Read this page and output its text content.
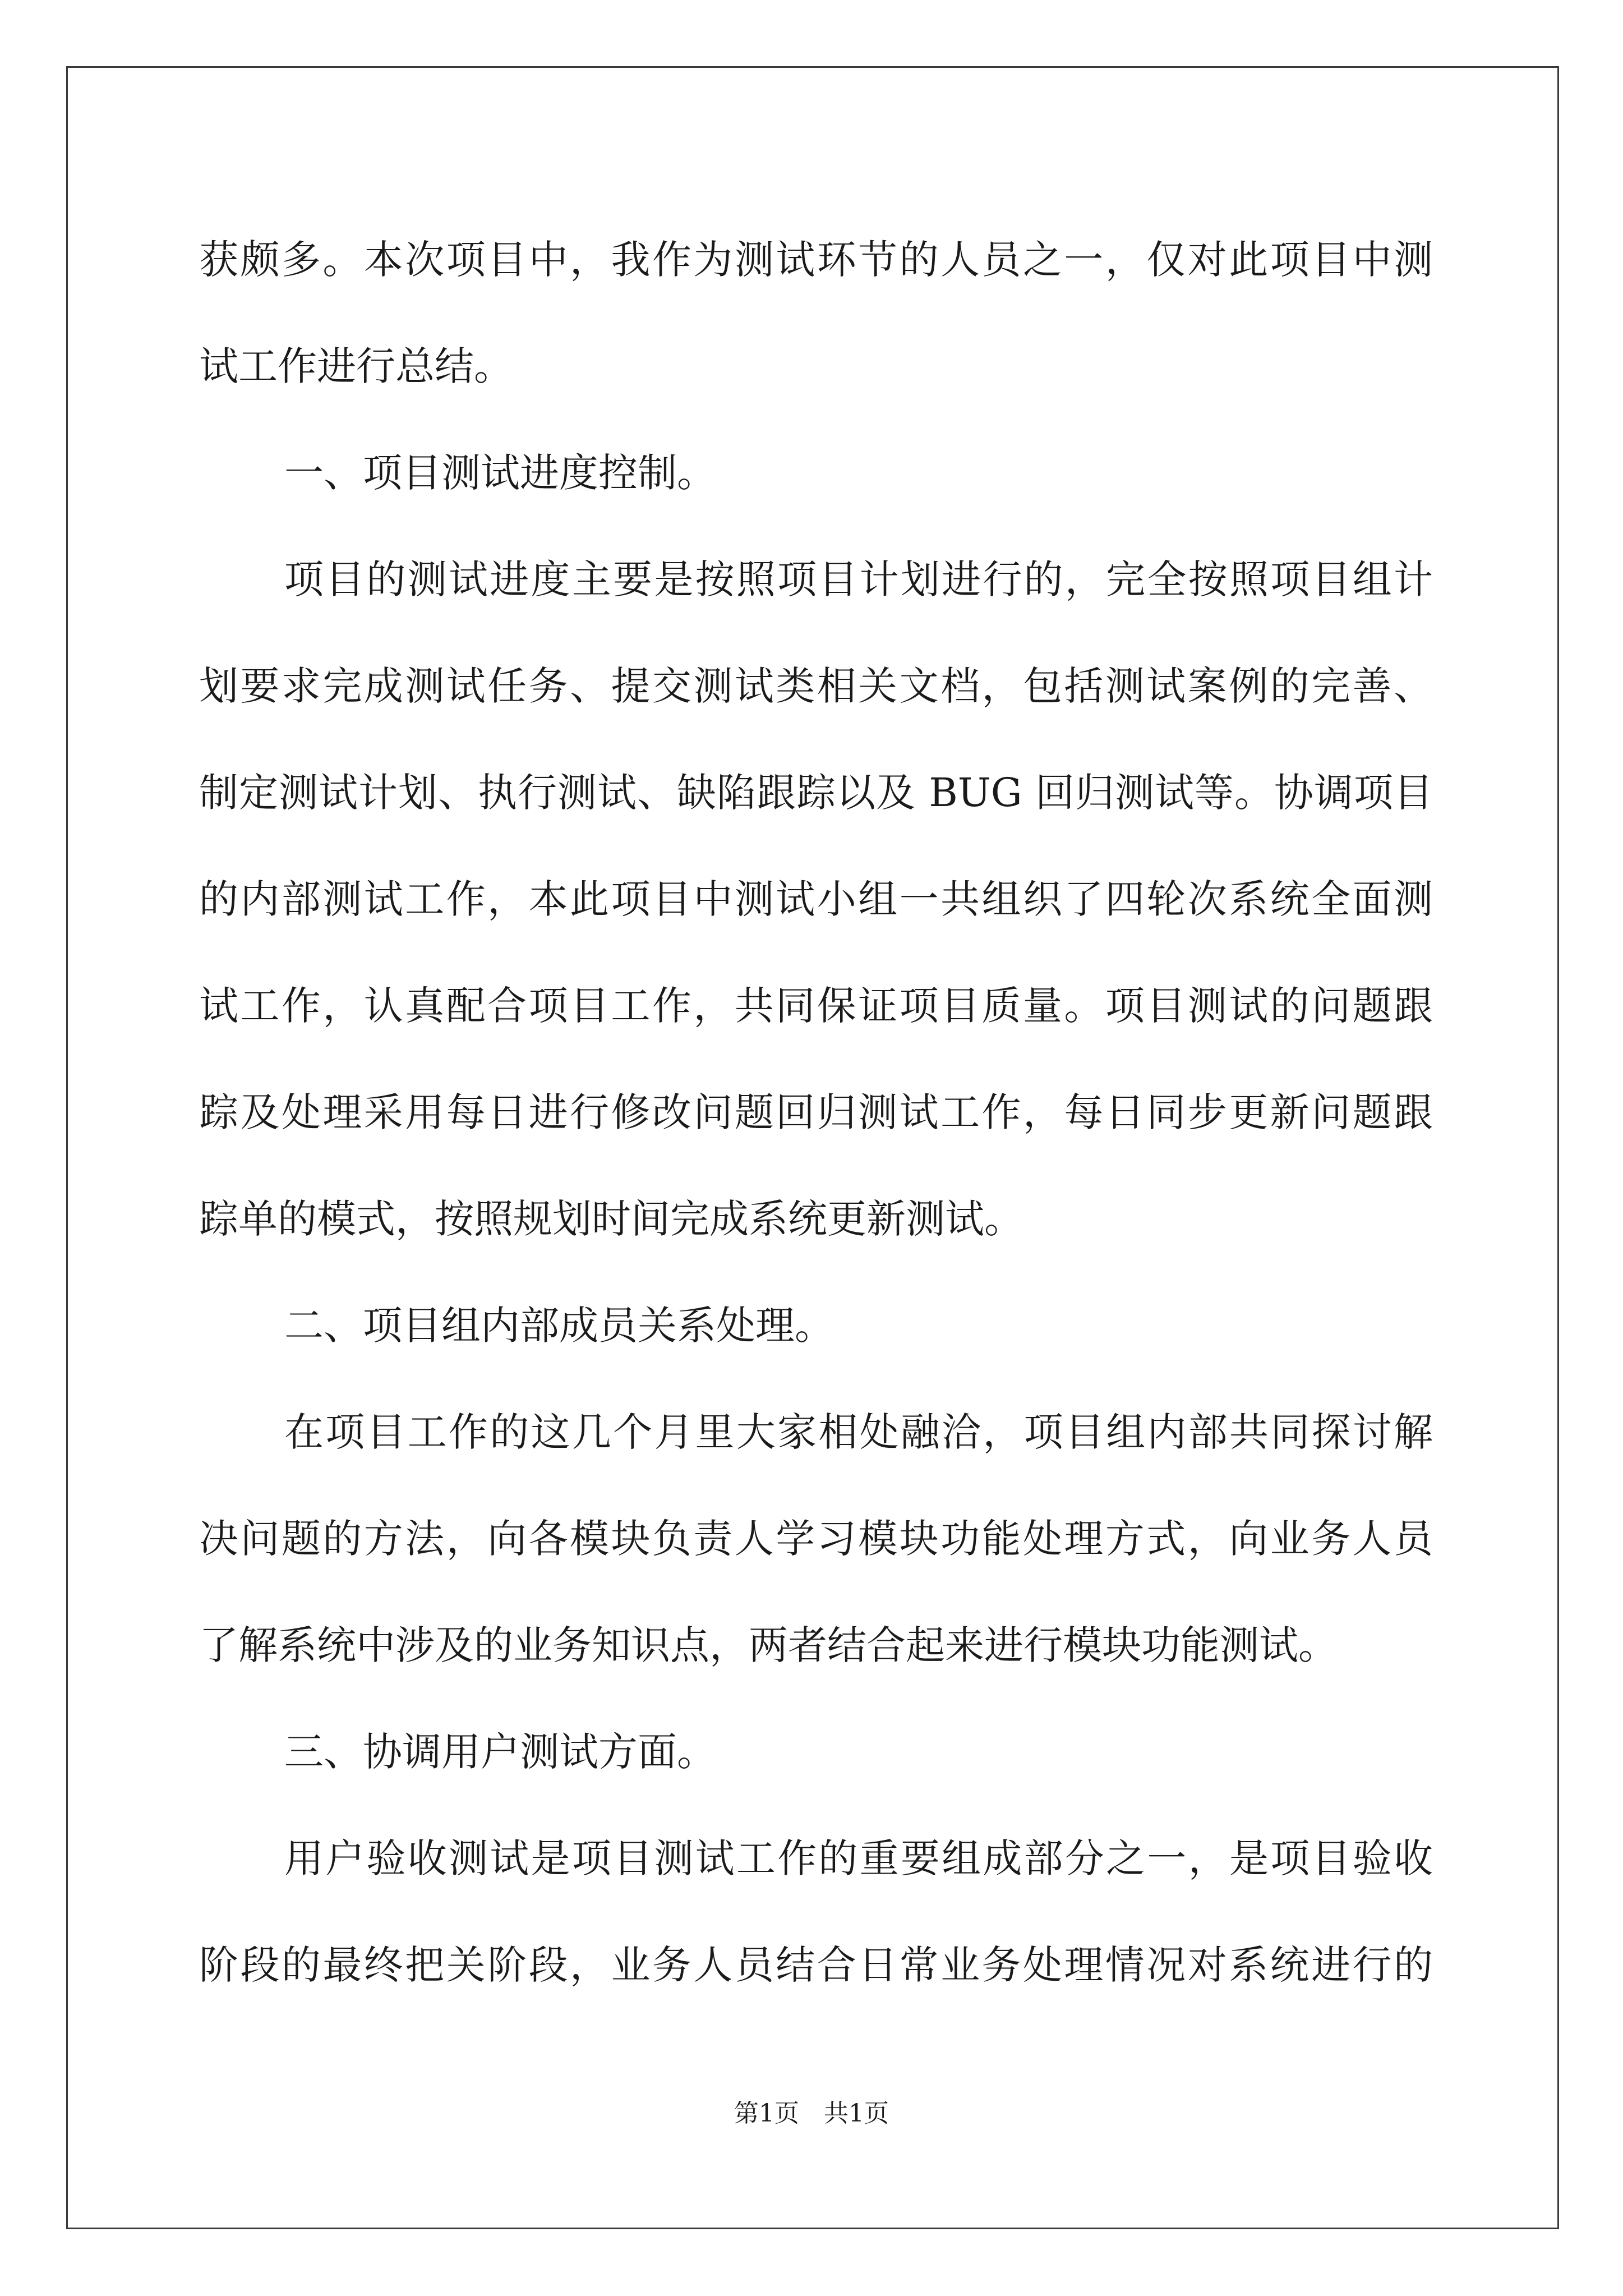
获颇多。本次项目中，我作为测试环节的人员之一，仅对此项目中测
试工作进行总结。
一、项目测试进度控制。
项目的测试进度主要是按照项目计划进行的，完全按照项目组计
划要求完成测试任务、提交测试类相关文档，包括测试案例的完善、
制定测试计划、执行测试、缺陷跟踪以及 BUG 回归测试等。协调项目
的内部测试工作，本此项目中测试小组一共组织了四轮次系统全面测
试工作，认真配合项目工作，共同保证项目质量。项目测试的问题跟
踪及处理采用每日进行修改问题回归测试工作，每日同步更新问题跟
踪单的模式，按照规划时间完成系统更新测试。
二、项目组内部成员关系处理。
在项目工作的这几个月里大家相处融洽，项目组内部共同探讨解
决问题的方法，向各模块负责人学习模块功能处理方式，向业务人员
了解系统中涉及的业务知识点，两者结合起来进行模块功能测试。
三、协调用户测试方面。
用户验收测试是项目测试工作的重要组成部分之一，是项目验收
阶段的最终把关阶段，业务人员结合日常业务处理情况对系统进行的
第1页 共1页
